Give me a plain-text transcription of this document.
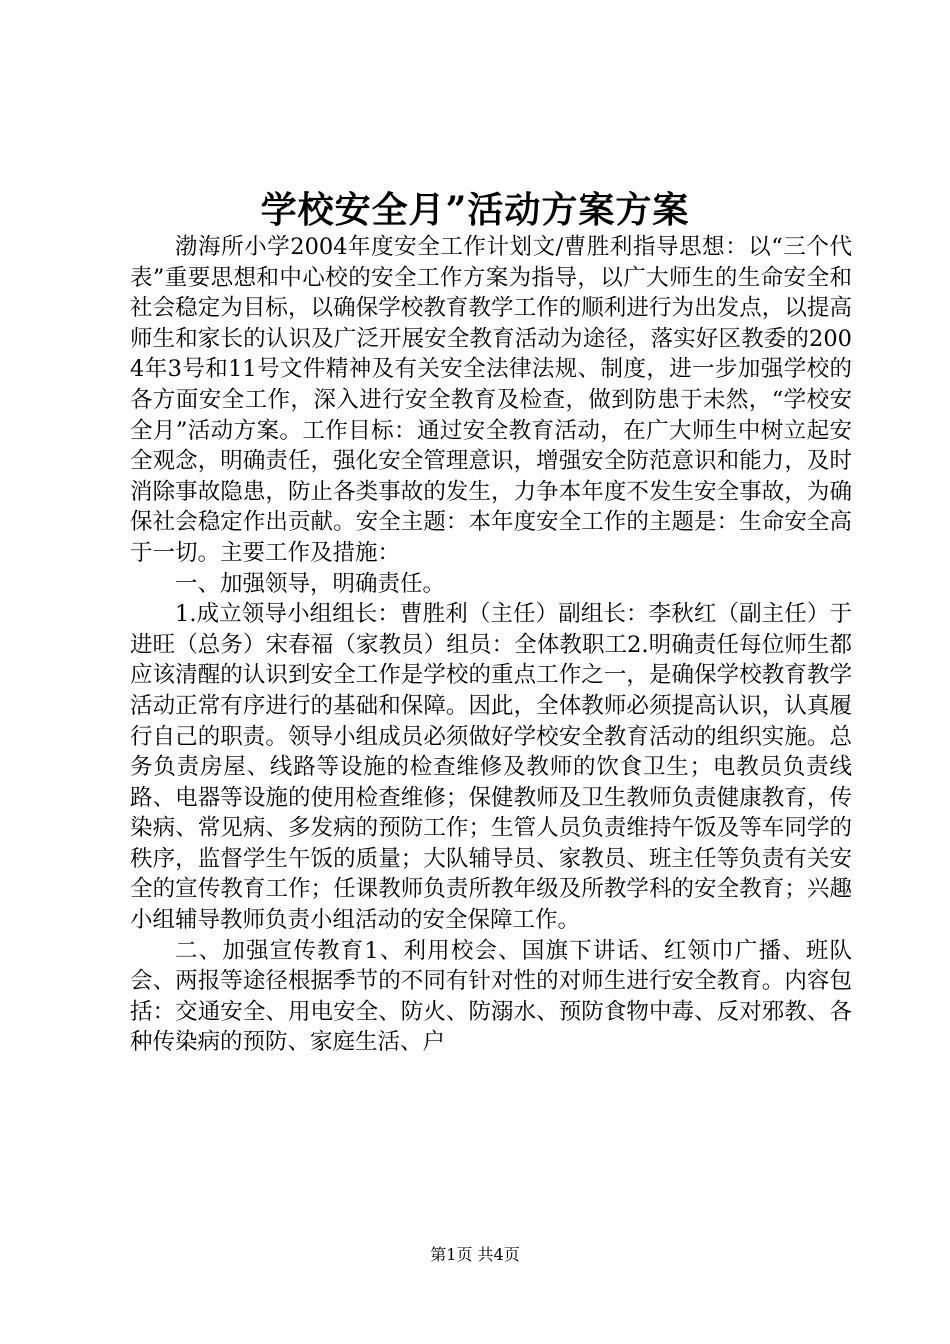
学校安全月”活动方案方案

渤海所小学2004年度安全工作计划文/曹胜利指导思想：以“三个代表”重要思想和中心校的安全工作方案为指导，以广大师生的生命安全和社会稳定为目标，以确保学校教育教学工作的顺利进行为出发点，以提高师生和家长的认识及广泛开展安全教育活动为途径，落实好区教委的2004年3号和11号文件精神及有关安全法律法规、制度，进一步加强学校的各方面安全工作，深入进行安全教育及检查，做到防患于未然，“学校安全月”活动方案。工作目标：通过安全教育活动，在广大师生中树立起安全观念，明确责任，强化安全管理意识，增强安全防范意识和能力，及时消除事故隐患，防止各类事故的发生，力争本年度不发生安全事故，为确保社会稳定作出贡献。安全主题：本年度安全工作的主题是：生命安全高于一切。主要工作及措施：

一、加强领导，明确责任。

1.成立领导小组组长：曹胜利（主任）副组长：李秋红（副主任）于进旺（总务）宋春福（家教员）组员：全体教职工2.明确责任每位师生都应该清醒的认识到安全工作是学校的重点工作之一，是确保学校教育教学活动正常有序进行的基础和保障。因此，全体教师必须提高认识，认真履行自己的职责。领导小组成员必须做好学校安全教育活动的组织实施。总务负责房屋、线路等设施的检查维修及教师的饮食卫生；电教员负责线路、电器等设施的使用检查维修；保健教师及卫生教师负责健康教育，传染病、常见病、多发病的预防工作；生管人员负责维持午饭及等车同学的秩序，监督学生午饭的质量；大队辅导员、家教员、班主任等负责有关安全的宣传教育工作；任课教师负责所教年级及所教学科的安全教育；兴趣小组辅导教师负责小组活动的安全保障工作。

二、加强宣传教育1、利用校会、国旗下讲话、红领巾广播、班队会、两报等途径根据季节的不同有针对性的对师生进行安全教育。内容包括：交通安全、用电安全、防火、防溺水、预防食物中毒、反对邪教、各种传染病的预防、家庭生活、户

第1页 共4页
